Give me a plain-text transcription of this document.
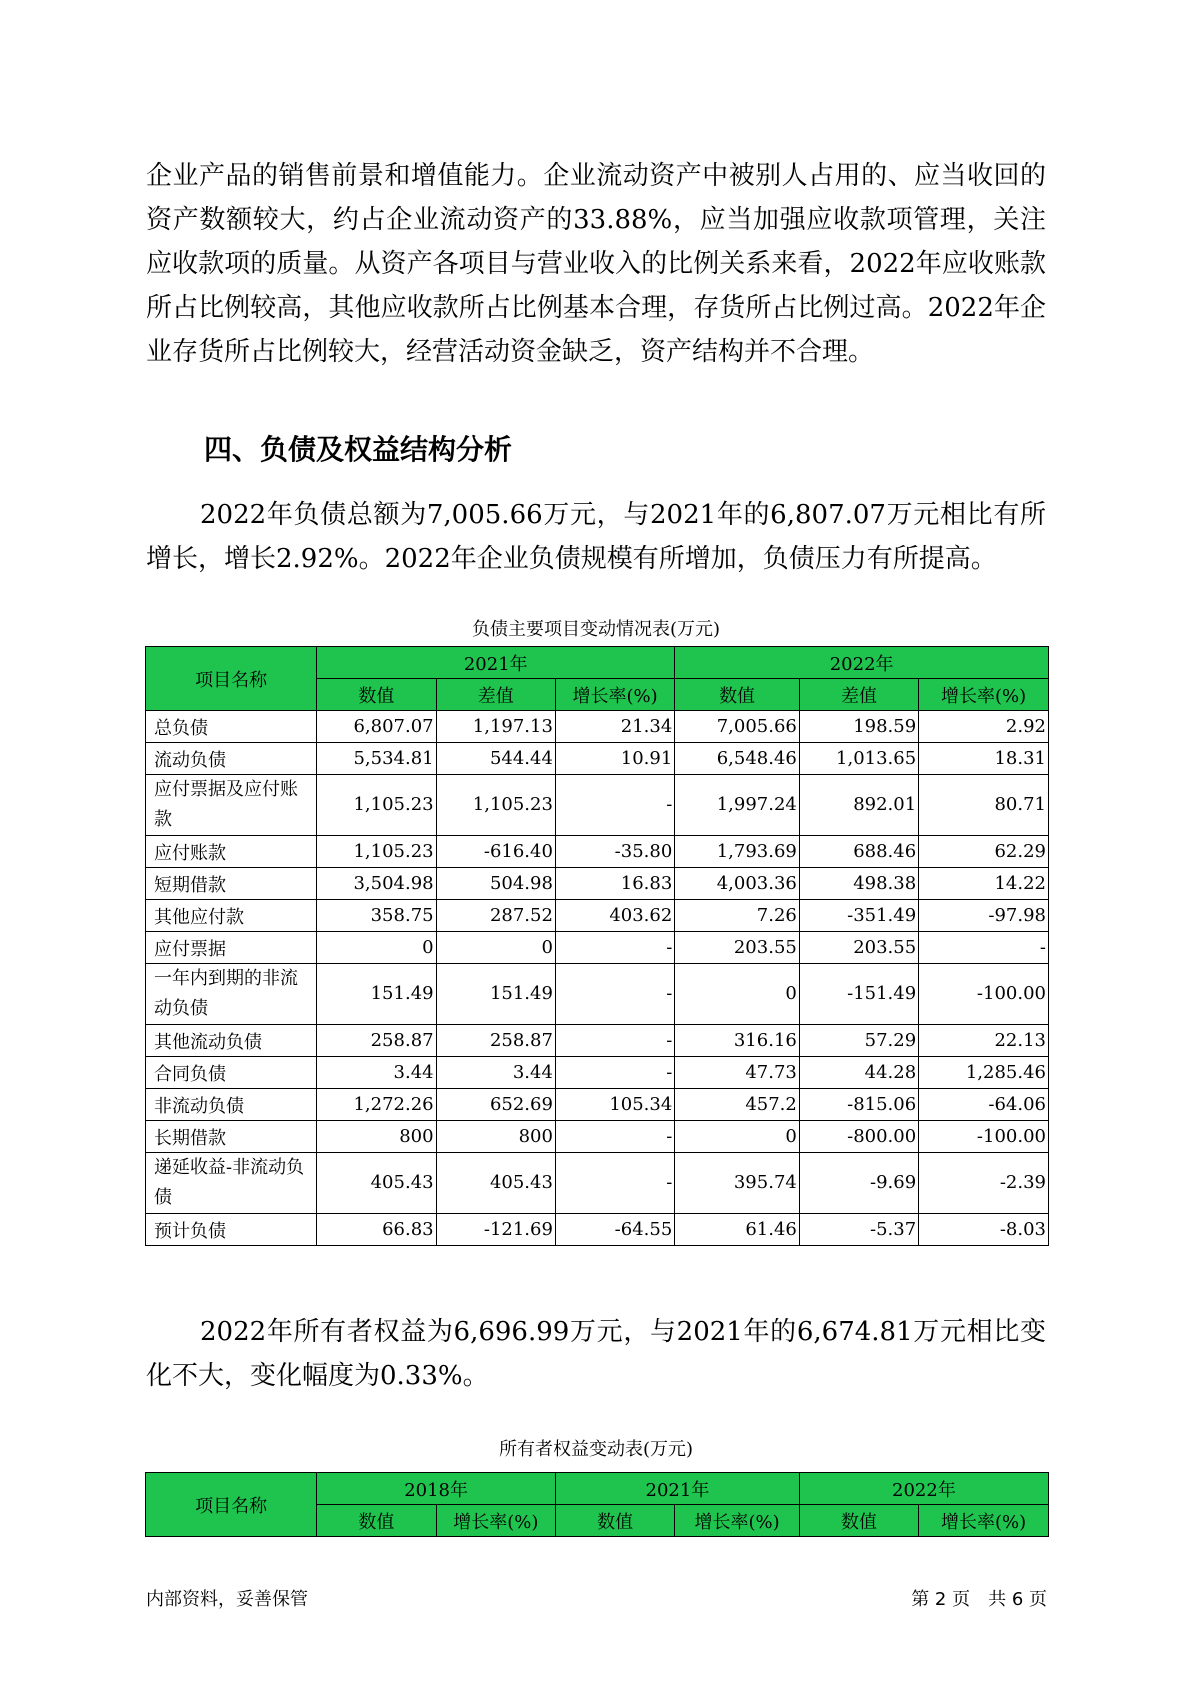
企业产品的销售前景和增值能力。企业流动资产中被别人占用的、应当收回的资产数额较大，约占企业流动资产的33.88%，应当加强应收款项管理，关注应收款项的质量。从资产各项目与营业收入的比例关系来看，2022年应收账款所占比例较高，其他应收款所占比例基本合理，存货所占比例过高。2022年企业存货所占比例较大，经营活动资金缺乏，资产结构并不合理。

四、负债及权益结构分析

2022年负债总额为7,005.66万元，与2021年的6,807.07万元相比有所增长，增长2.92%。2022年企业负债规模有所增加，负债压力有所提高。

负债主要项目变动情况表(万元)

项目名称	2021年			2022年		
	数值	差值	增长率(%)	数值	差值	增长率(%)
总负债	6,807.07	1,197.13	21.34	7,005.66	198.59	2.92
流动负债	5,534.81	544.44	10.91	6,548.46	1,013.65	18.31
应付票据及应付账款	1,105.23	1,105.23	-	1,997.24	892.01	80.71
应付账款	1,105.23	-616.40	-35.80	1,793.69	688.46	62.29
短期借款	3,504.98	504.98	16.83	4,003.36	498.38	14.22
其他应付款	358.75	287.52	403.62	7.26	-351.49	-97.98
应付票据	0	0	-	203.55	203.55	-
一年内到期的非流动负债	151.49	151.49	-	0	-151.49	-100.00
其他流动负债	258.87	258.87	-	316.16	57.29	22.13
合同负债	3.44	3.44	-	47.73	44.28	1,285.46
非流动负债	1,272.26	652.69	105.34	457.2	-815.06	-64.06
长期借款	800	800	-	0	-800.00	-100.00
递延收益-非流动负债	405.43	405.43	-	395.74	-9.69	-2.39
预计负债	66.83	-121.69	-64.55	61.46	-5.37	-8.03

2022年所有者权益为6,696.99万元，与2021年的6,674.81万元相比变化不大，变化幅度为0.33%。

所有者权益变动表(万元)

项目名称	2018年		2021年		2022年	
	数值	增长率(%)	数值	增长率(%)	数值	增长率(%)

内部资料，妥善保管	第 2 页　共 6 页
